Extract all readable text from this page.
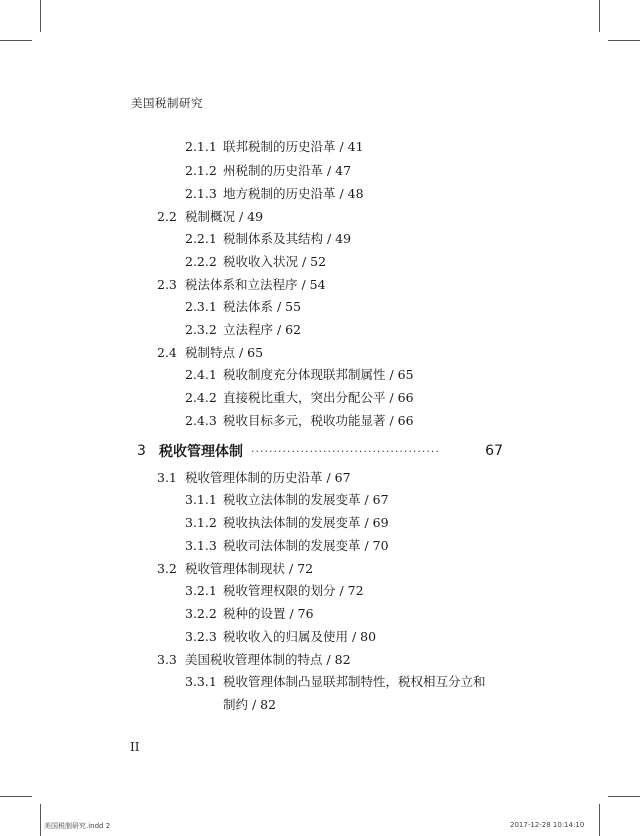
美国税制研究
2.1.1 联邦税制的历史沿革 / 41
2.1.2 州税制的历史沿革 / 47
2.1.3 地方税制的历史沿革 / 48
2.2 税制概况 / 49
2.2.1 税制体系及其结构 / 49
2.2.2 税收收入状况 / 52
2.3 税法体系和立法程序 / 54
2.3.1 税法体系 / 55
2.3.2 立法程序 / 62
2.4 税制特点 / 65
2.4.1 税收制度充分体现联邦制属性 / 65
2.4.2 直接税比重大，突出分配公平 / 66
2.4.3 税收目标多元，税收功能显著 / 66
3 税收管理体制 ··········································	67
3.1 税收管理体制的历史沿革 / 67
3.1.1 税收立法体制的发展变革 / 67
3.1.2 税收执法体制的发展变革 / 69
3.1.3 税收司法体制的发展变革 / 70
3.2 税收管理体制现状 / 72
3.2.1 税收管理权限的划分 / 72
3.2.2 税种的设置 / 76
3.2.3 税收收入的归属及使用 / 80
3.3 美国税收管理体制的特点 / 82
3.3.1 税收管理体制凸显联邦制特性，税权相互分立和
制约 / 82
II
美国税制研究.indd 2	2017-12-28 10:14:10
